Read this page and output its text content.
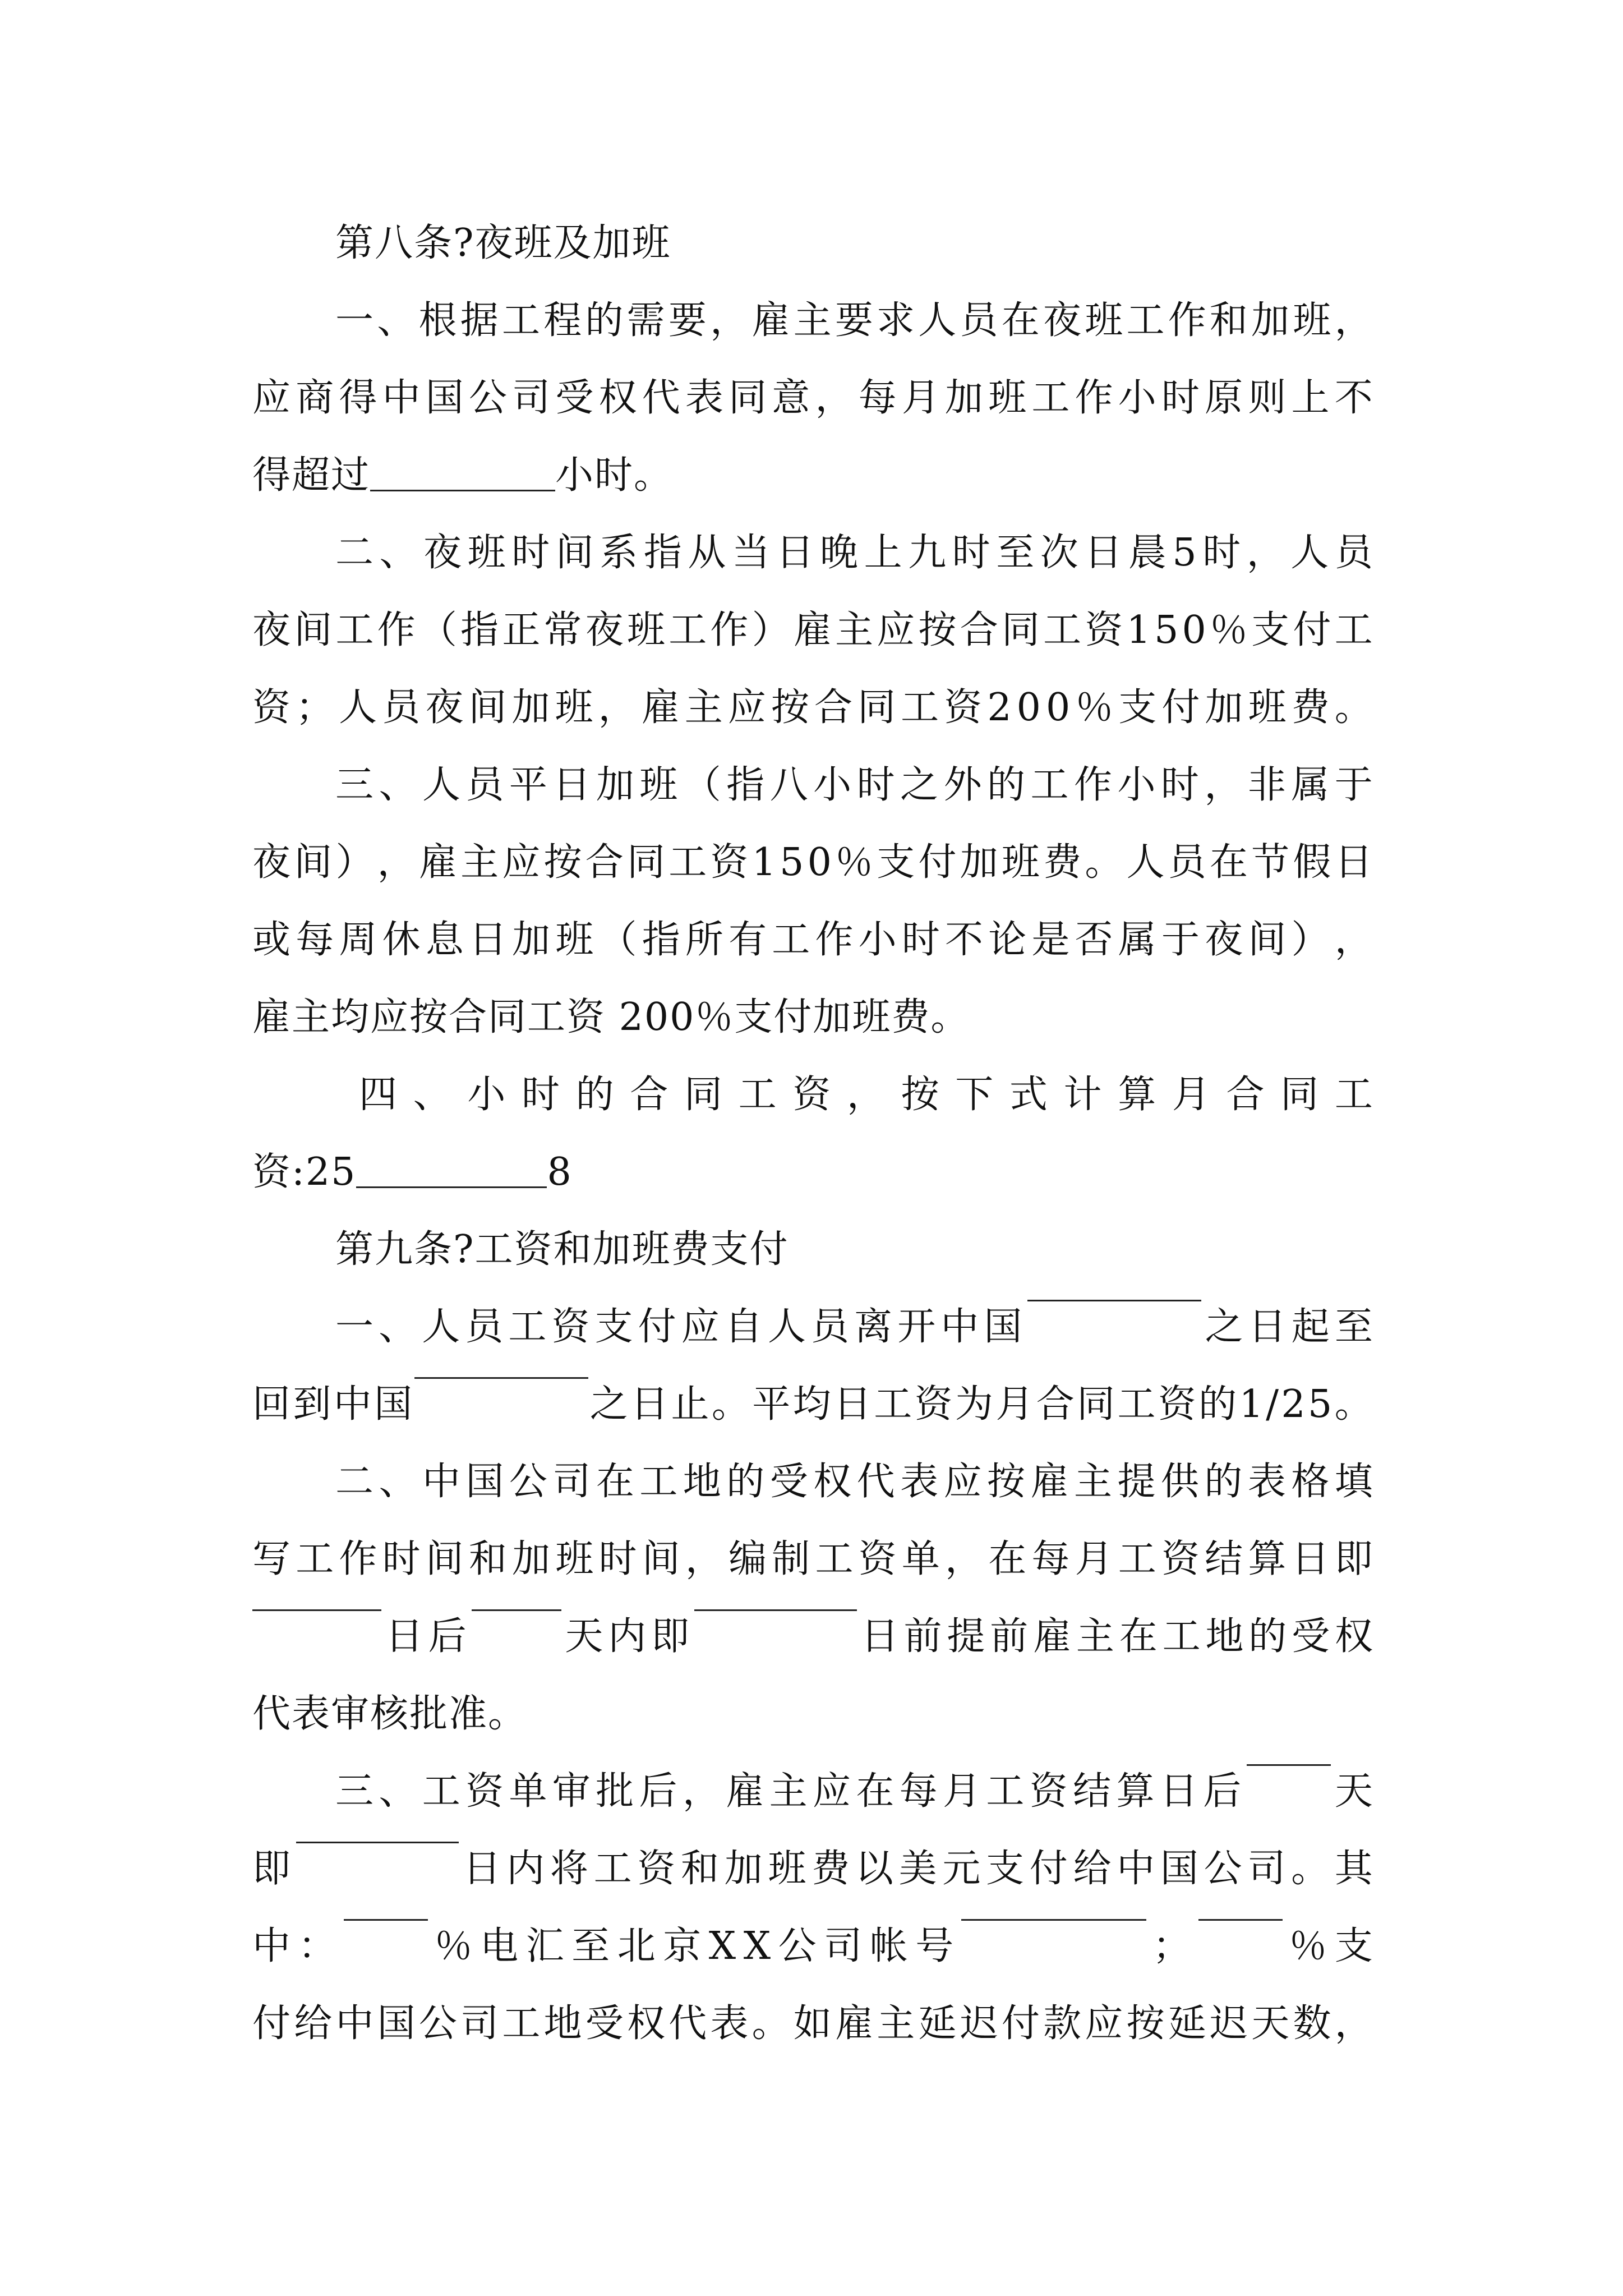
第八条?夜班及加班
一 、 根 据 工 程 的 需 要 ， 雇 主 要 求 人 员 在 夜 班 工 作 和 加 班 ，
应 商 得 中 国 公 司 受 权 代 表 同 意 ， 每 月 加 班 工 作 小 时 原 则 上 不
得超过	小时。
二 、 夜 班 时 间 系 指 从 当 日 晚 上 九 时 至 次 日 晨 5 时 ， 人 员
夜 间 工 作 （ 指 正 常 夜 班 工 作 ） 雇 主 应 按 合 同 工 资 1 5 0 ％ 支 付 工
资 ； 人 员 夜 间 加 班 ， 雇 主 应 按 合 同 工 资 2 0 0 ％ 支 付 加 班 费 。
三 、 人 员 平 日 加 班 （ 指 八 小 时 之 外 的 工 作 小 时 ， 非 属 于
夜 间 ） ， 雇 主 应 按 合 同 工 资 1 5 0 ％ 支 付 加 班 费 。 人 员 在 节 假 日
或 每 周 休 息 日 加 班 （ 指 所 有 工 作 小 时 不 论 是 否 属 于 夜 间 ） ，
雇主均应按合同工资 200％支付加班费。
四 、 小 时 的 合 同 工 资 ， 按 下 式 计 算 月 合 同 工
资:25	8
第九条?工资和加班费支付
一 、 人 员 工 资 支 付 应 自 人 员 离 开 中 国	之 日 起 至
回 到 中 国	之 日 止 。 平 均 日 工 资 为 月 合 同 工 资 的 1 / 2 5 。
二 、 中 国 公 司 在 工 地 的 受 权 代 表 应 按 雇 主 提 供 的 表 格 填
写 工 作 时 间 和 加 班 时 间 ， 编 制 工 资 单 ， 在 每 月 工 资 结 算 日 即
日 后	天 内 即	日 前 提 前 雇 主 在 工 地 的 受 权
代表审核批准。
三 、 工 资 单 审 批 后 ， 雇 主 应 在 每 月 工 资 结 算 日 后 天
即	日 内 将 工 资 和 加 班 费 以 美 元 支 付 给 中 国 公 司 。 其
中 ：	％ 电 汇 至 北 京 X X 公 司 帐 号	；	％ 支
付 给 中 国 公 司 工 地 受 权 代 表 。 如 雇 主 延 迟 付 款 应 按 延 迟 天 数 ，
